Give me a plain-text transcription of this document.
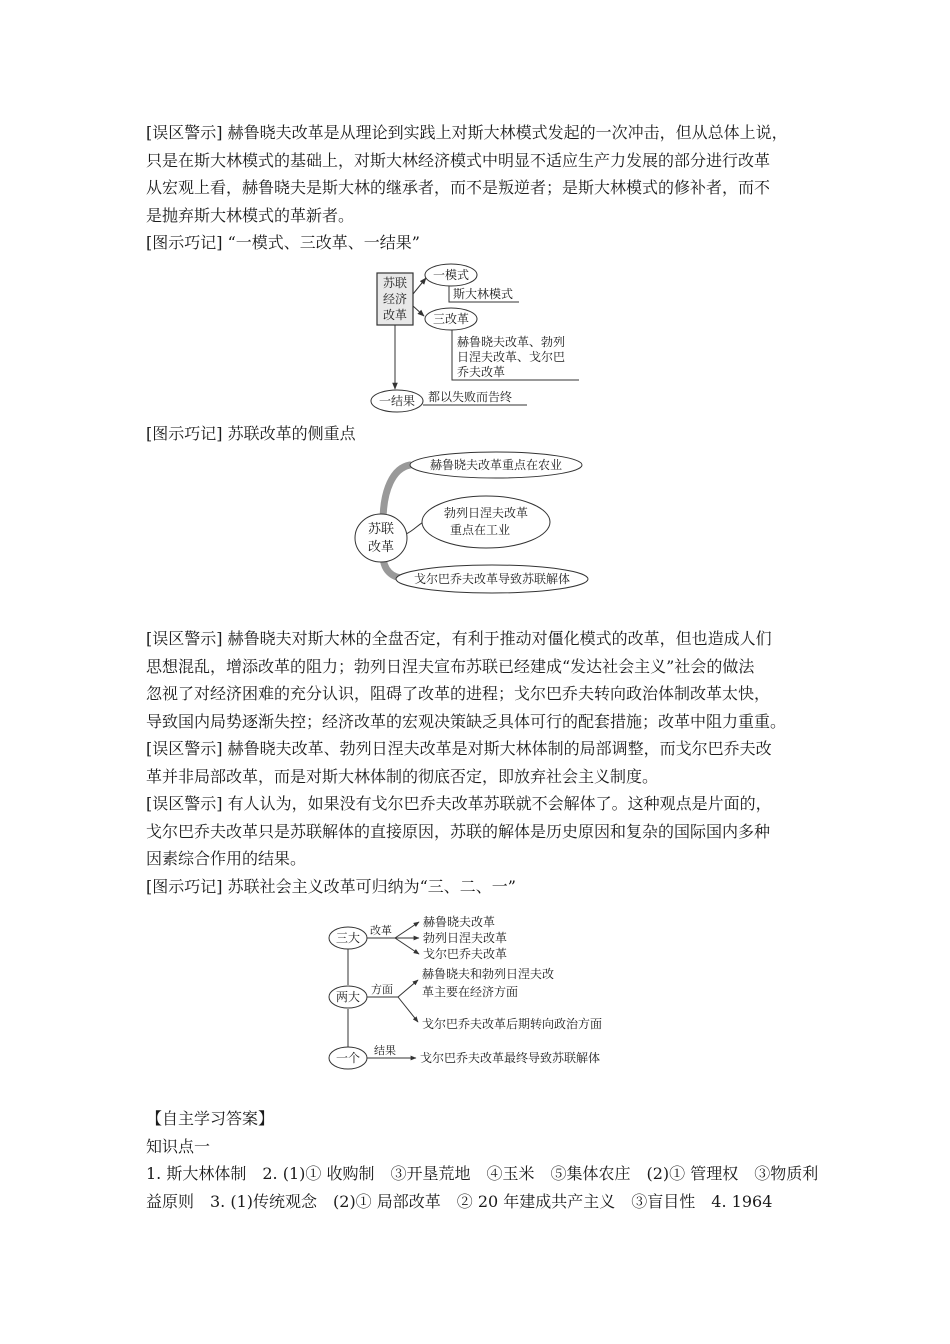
[误区警示] 赫鲁晓夫改革是从理论到实践上对斯大林模式发起的一次冲击，但从总体上说，
只是在斯大林模式的基础上，对斯大林经济模式中明显不适应生产力发展的部分进行改革
从宏观上看，赫鲁晓夫是斯大林的继承者，而不是叛逆者；是斯大林模式的修补者，而不
是抛弃斯大林模式的革新者。
[图示巧记] “一模式、三改革、一结果”
苏联
经济
改革
一模式
斯大林模式
三改革
赫鲁晓夫改革、勃列
日涅夫改革、戈尔巴
乔夫改革
一结果 都以失败而告终
[图示巧记] 苏联改革的侧重点
苏联
改革
赫鲁晓夫改革重点在农业
勃列日涅夫改革
重点在工业
戈尔巴乔夫改革导致苏联解体
[误区警示] 赫鲁晓夫对斯大林的全盘否定，有利于推动对僵化模式的改革，但也造成人们
思想混乱，增添改革的阻力；勃列日涅夫宣布苏联已经建成“发达社会主义”社会的做法
忽视了对经济困难的充分认识，阻碍了改革的进程；戈尔巴乔夫转向政治体制改革太快，
导致国内局势逐渐失控；经济改革的宏观决策缺乏具体可行的配套措施；改革中阻力重重。
[误区警示] 赫鲁晓夫改革、勃列日涅夫改革是对斯大林体制的局部调整，而戈尔巴乔夫改
革并非局部改革，而是对斯大林体制的彻底否定，即放弃社会主义制度。
[误区警示] 有人认为，如果没有戈尔巴乔夫改革苏联就不会解体了。这种观点是片面的，
戈尔巴乔夫改革只是苏联解体的直接原因，苏联的解体是历史原因和复杂的国际国内多种
因素综合作用的结果。
[图示巧记] 苏联社会主义改革可归纳为“三、二、一”
三大
改革
赫鲁晓夫改革
勃列日涅夫改革
戈尔巴乔夫改革
两大
方面
赫鲁晓夫和勃列日涅夫改
革主要在经济方面
戈尔巴乔夫改革后期转向政治方面
一个
结果
戈尔巴乔夫改革最终导致苏联解体
【自主学习答案】
知识点一
1. 斯大林体制　2. (1)① 收购制　③开垦荒地　④玉米　⑤集体农庄　(2)① 管理权　③物质利
益原则　3. (1)传统观念　(2)① 局部改革　② 20 年建成共产主义　③盲目性　4. 1964
